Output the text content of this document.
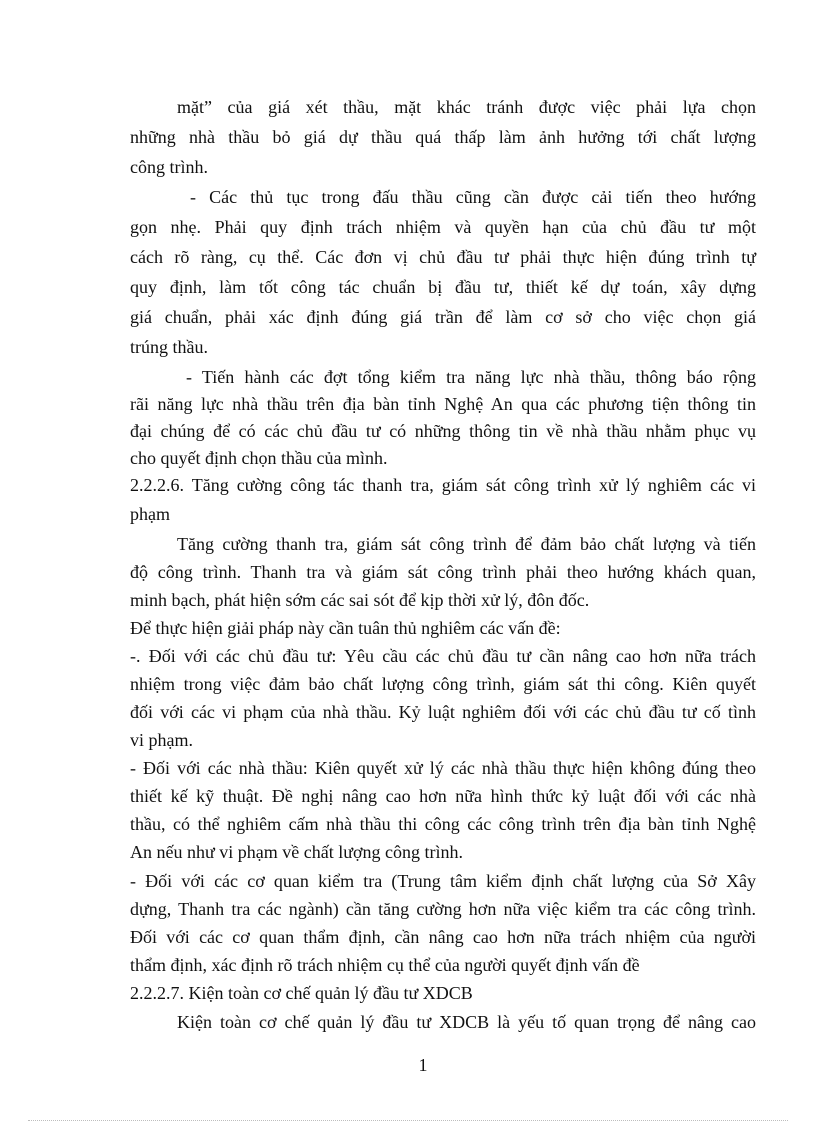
mặt” của giá xét thầu, mặt khác tránh được việc phải lựa chọn
những nhà thầu bỏ giá dự thầu quá thấp làm ảnh hưởng tới chất lượng
công trình.
- Các thủ tục trong đấu thầu cũng cần được cải tiến theo hướng
gọn nhẹ. Phải quy định trách nhiệm và quyền hạn của chủ đầu tư một
cách rõ ràng, cụ thể. Các đơn vị chủ đầu tư phải thực hiện đúng trình tự
quy định, làm tốt công tác chuẩn bị đầu tư, thiết kế dự toán, xây dựng
giá chuẩn, phải xác định đúng giá trần để làm cơ sở cho việc chọn giá
trúng thầu.
- Tiến hành các đợt tổng kiểm tra năng lực nhà thầu, thông báo rộng
rãi năng lực nhà thầu trên địa bàn tỉnh Nghệ An qua các phương tiện thông tin
đại chúng để có các chủ đầu tư có những thông tin về nhà thầu nhằm phục vụ
cho quyết định chọn thầu của mình.
2.2.2.6. Tăng cường công tác thanh tra, giám sát công trình xử lý nghiêm các vi
phạm
Tăng cường thanh tra, giám sát công trình để đảm bảo chất lượng và tiến
độ công trình. Thanh tra và giám sát công trình phải theo hướng khách quan,
minh bạch, phát hiện sớm các sai sót để kịp thời xử lý, đôn đốc.
Để thực hiện giải pháp này cần tuân thủ nghiêm các vấn đề:
-. Đối với các chủ đầu tư: Yêu cầu các chủ đầu tư cần nâng cao hơn nữa trách
nhiệm trong việc đảm bảo chất lượng công trình, giám sát thi công. Kiên quyết
đối với các vi phạm của nhà thầu. Kỷ luật nghiêm đối với các chủ đầu tư cố tình
vi phạm.
- Đối với các nhà thầu: Kiên quyết xử lý các nhà thầu thực hiện không đúng theo
thiết kế kỹ thuật. Đề nghị nâng cao hơn nữa hình thức kỷ luật đối với các nhà
thầu, có thể nghiêm cấm nhà thầu thi công các công trình trên địa bàn tỉnh Nghệ
An nếu như vi phạm về chất lượng công trình.
- Đối với các cơ quan kiểm tra (Trung tâm kiểm định chất lượng của Sở Xây
dựng, Thanh tra các ngành) cần tăng cường hơn nữa việc kiểm tra các công trình.
Đối với các cơ quan thẩm định, cần nâng cao hơn nữa trách nhiệm của người
thẩm định, xác định rõ trách nhiệm cụ thể của người quyết định vấn đề
2.2.2.7. Kiện toàn cơ chế quản lý đầu tư XDCB
Kiện toàn cơ chế quản lý đầu tư XDCB là yếu tố quan trọng để nâng cao
1
